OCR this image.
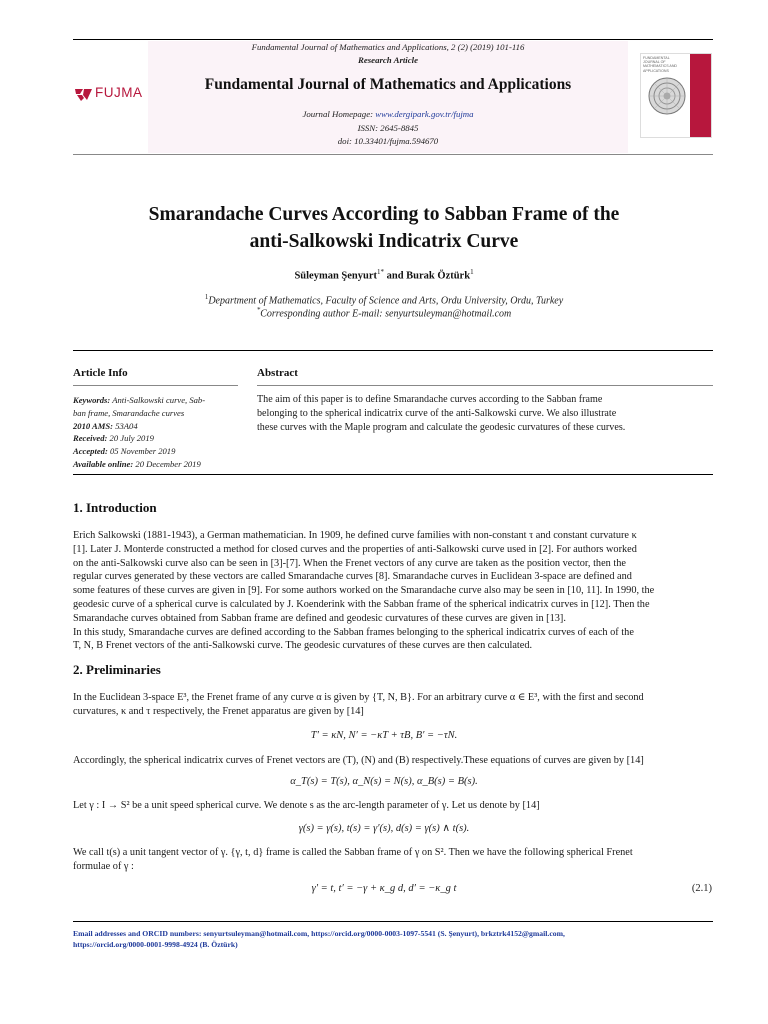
FUJMA
Fundamental Journal of Mathematics and Applications, 2 (2) (2019) 101-116
Research Article
Fundamental Journal of Mathematics and Applications
Journal Homepage: www.dergipark.gov.tr/fujma
ISSN: 2645-8845
doi: 10.33401/fujma.594670
FUNDAMENTAL JOURNAL OF MATHEMATICS AND APPLICATIONS
FUJMA
Smarandache Curves According to Sabban Frame of the
anti-Salkowski Indicatrix Curve
Süleyman Şenyurt$^{1*}$ and Burak Öztürk$^1$
$^1$Department of Mathematics, Faculty of Science and Arts, Ordu University, Ordu, Turkey
*Corresponding author E-mail: senyurtsuleyman@hotmail.com
Article Info	Abstract
Keywords: Anti-Salkowski curve, Sab-
ban frame, Smarandache curves
2010 AMS: 53A04
Received: 20 July 2019
Accepted: 05 November 2019
Available online: 20 December 2019
The aim of this paper is to define Smarandache curves according to the Sabban frame
belonging to the spherical indicatrix curve of the anti-Salkowski curve. We also illustrate
these curves with the Maple program and calculate the geodesic curvatures of these curves.
1. Introduction
Erich Salkowski (1881-1943), a German mathematician. In 1909, he defined curve families with non-constant τ and constant curvature κ
[1]. Later J. Monterde constructed a method for closed curves and the properties of anti-Salkowski curve used in [2]. For authors worked
on the anti-Salkowski curve also can be seen in [3]-[7]. When the Frenet vectors of any curve are taken as the position vector, then the
regular curves generated by these vectors are called Smarandache curves [8]. Smarandache curves in Euclidean 3-space are defined and
some features of these curves are given in [9]. For some authors worked on the Smarandache curve also may be seen in [10, 11]. In 1990, the
geodesic curve of a spherical curve is calculated by J. Koenderink with the Sabban frame of the spherical indicatrix curves in [12]. Then the
Smarandache curves obtained from Sabban frame are defined and geodesic curvatures of these curves are given in [13].
In this study, Smarandache curves are defined according to the Sabban frames belonging to the spherical indicatrix curves of each of the
T, N, B Frenet vectors of the anti-Salkowski curve. The geodesic curvatures of these curves are then calculated.
2. Preliminaries
In the Euclidean 3-space E³, the Frenet frame of any curve α is given by {T, N, B}. For an arbitrary curve α ∈ E³, with the first and second
curvatures, κ and τ respectively, the Frenet apparatus are given by [14]
T′ = κN, N′ = −κT + τB, B′ = −τN.
Accordingly, the spherical indicatrix curves of Frenet vectors are (T), (N) and (B) respectively.These equations of curves are given by [14]
α_T(s) = T(s), α_N(s) = N(s), α_B(s) = B(s).
Let γ : I → S² be a unit speed spherical curve. We denote s as the arc-length parameter of γ. Let us denote by [14]
γ(s) = γ(s), t(s) = γ′(s), d(s) = γ(s) ∧ t(s).
We call t(s) a unit tangent vector of γ. {γ, t, d} frame is called the Sabban frame of γ on S². Then we have the following spherical Frenet
formulae of γ :
γ′ = t, t′ = −γ + κ_g d, d′ = −κ_g t	(2.1)
Email addresses and ORCID numbers: senyurtsuleyman@hotmail.com, https://orcid.org/0000-0003-1097-5541 (S. Şenyurt), brkztrk4152@gmail.com,
https://orcid.org/0000-0001-9998-4924 (B. Öztürk)
